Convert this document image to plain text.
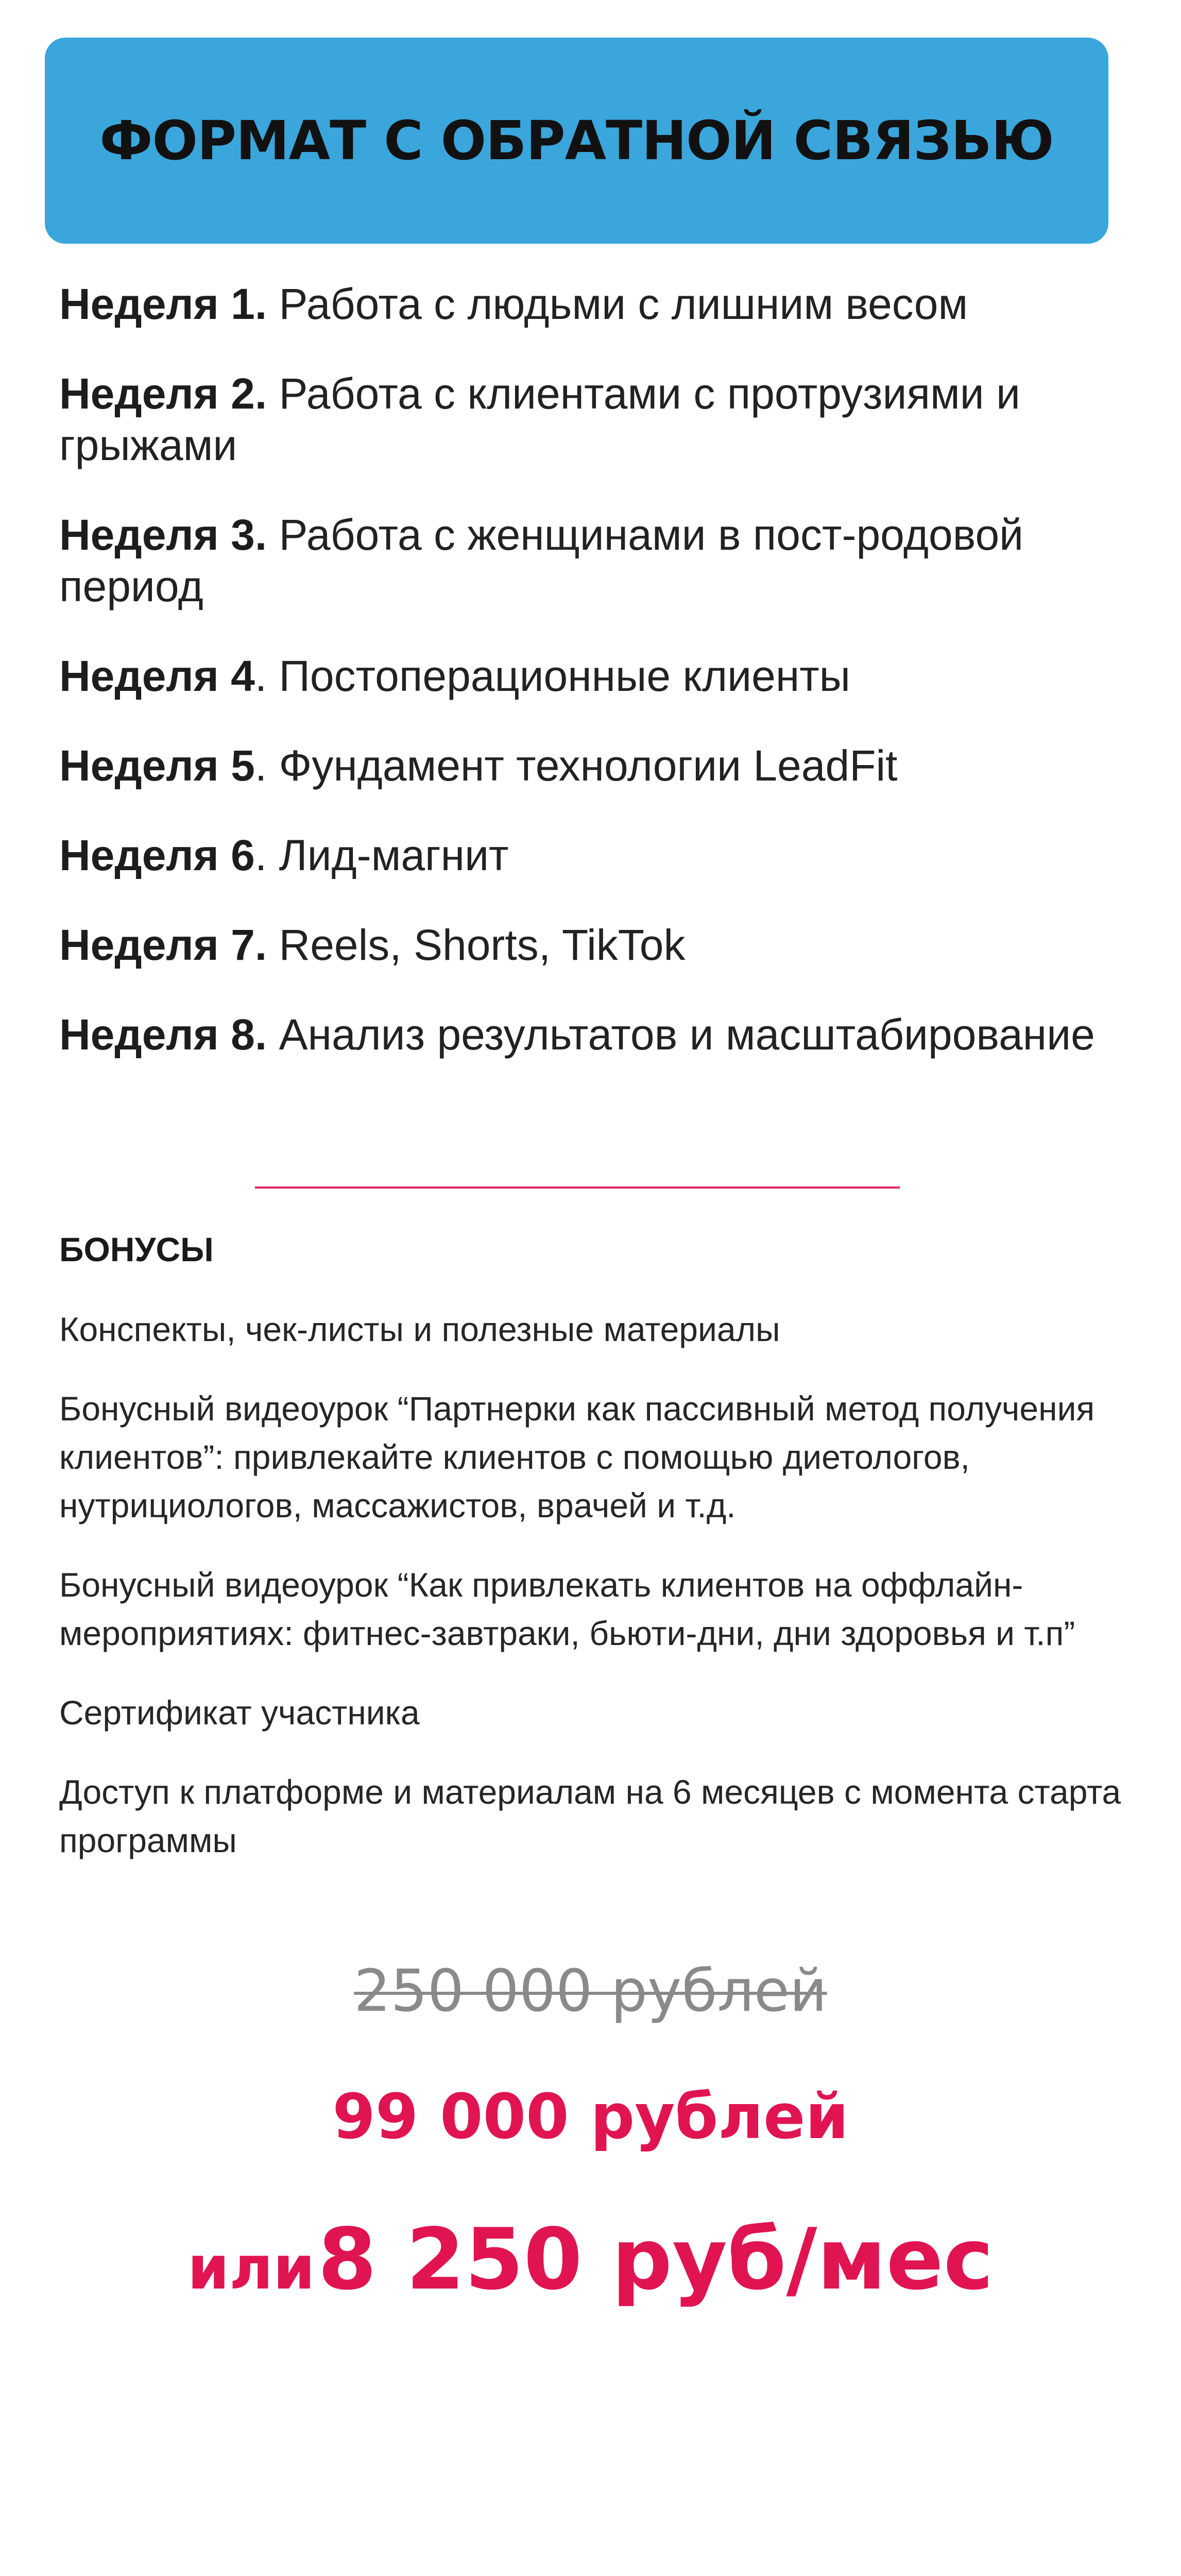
ФОРМАТ С ОБРАТНОЙ СВЯЗЬЮ
Неделя 1. Работа с людьми с лишним весом
Неделя 2. Работа с клиентами с протрузиями и грыжами
Неделя 3. Работа с женщинами в пост-родовой период
Неделя 4. Постоперационные клиенты
Неделя 5. Фундамент технологии LeadFit
Неделя 6. Лид-магнит
Неделя 7. Reels, Shorts, TikTok
Неделя 8. Анализ результатов и масштабирование
БОНУСЫ
Конспекты, чек-листы и полезные материалы
Бонусный видеоурок “Партнерки как пассивный метод получения клиентов”: привлекайте клиентов с помощью диетологов, нутрициологов, массажистов, врачей и т.д.
Бонусный видеоурок “Как привлекать клиентов на оффлайн-мероприятиях: фитнес-завтраки, бьюти-дни, дни здоровья и т.п”
Сертификат участника
Доступ к платформе и материалам на 6 месяцев с момента старта программы
250 000 рублей
99 000 рублей
или 8 250 руб/мес
